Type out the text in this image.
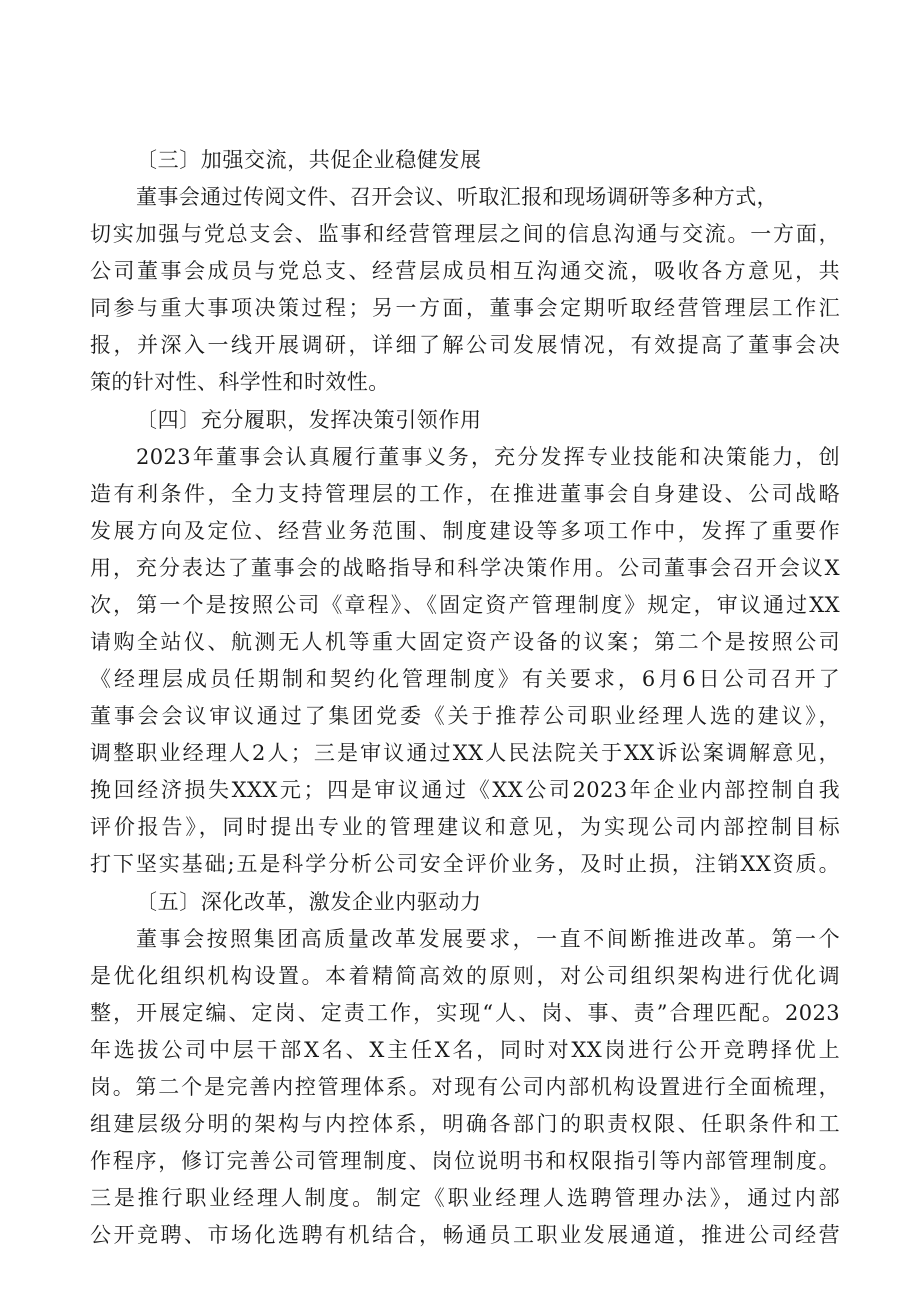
〔三〕加强交流，共促企业稳健发展
董事会通过传阅文件、召开会议、听取汇报和现场调研等多种方式，
切实加强与党总支会、监事和经营管理层之间的信息沟通与交流。一方面，
公司董事会成员与党总支、经营层成员相互沟通交流，吸收各方意见，共
同参与重大事项决策过程；另一方面，董事会定期听取经营管理层工作汇
报，并深入一线开展调研，详细了解公司发展情况，有效提高了董事会决
策的针对性、科学性和时效性。
〔四〕充分履职，发挥决策引领作用
2023年董事会认真履行董事义务，充分发挥专业技能和决策能力，创
造有利条件，全力支持管理层的工作，在推进董事会自身建设、公司战略
发展方向及定位、经营业务范围、制度建设等多项工作中，发挥了重要作
用，充分表达了董事会的战略指导和科学决策作用。公司董事会召开会议X
次，第一个是按照公司《章程》、《固定资产管理制度》规定，审议通过XX
请购全站仪、航测无人机等重大固定资产设备的议案；第二个是按照公司
《经理层成员任期制和契约化管理制度》有关要求，6月6日公司召开了
董事会会议审议通过了集团党委《关于推荐公司职业经理人选的建议》，
调整职业经理人2人；三是审议通过XX人民法院关于XX诉讼案调解意见，
挽回经济损失XXX元；四是审议通过《XX公司2023年企业内部控制自我
评价报告》，同时提出专业的管理建议和意见，为实现公司内部控制目标
打下坚实基础;五是科学分析公司安全评价业务，及时止损，注销XX资质。
〔五〕深化改革，激发企业内驱动力
董事会按照集团高质量改革发展要求，一直不间断推进改革。第一个
是优化组织机构设置。本着精简高效的原则，对公司组织架构进行优化调
整，开展定编、定岗、定责工作，实现“人、岗、事、责”合理匹配。2023
年选拔公司中层干部X名、X主任X名，同时对XX岗进行公开竞聘择优上
岗。第二个是完善内控管理体系。对现有公司内部机构设置进行全面梳理，
组建层级分明的架构与内控体系，明确各部门的职责权限、任职条件和工
作程序，修订完善公司管理制度、岗位说明书和权限指引等内部管理制度。
三是推行职业经理人制度。制定《职业经理人选聘管理办法》，通过内部
公开竞聘、市场化选聘有机结合，畅通员工职业发展通道，推进公司经营
